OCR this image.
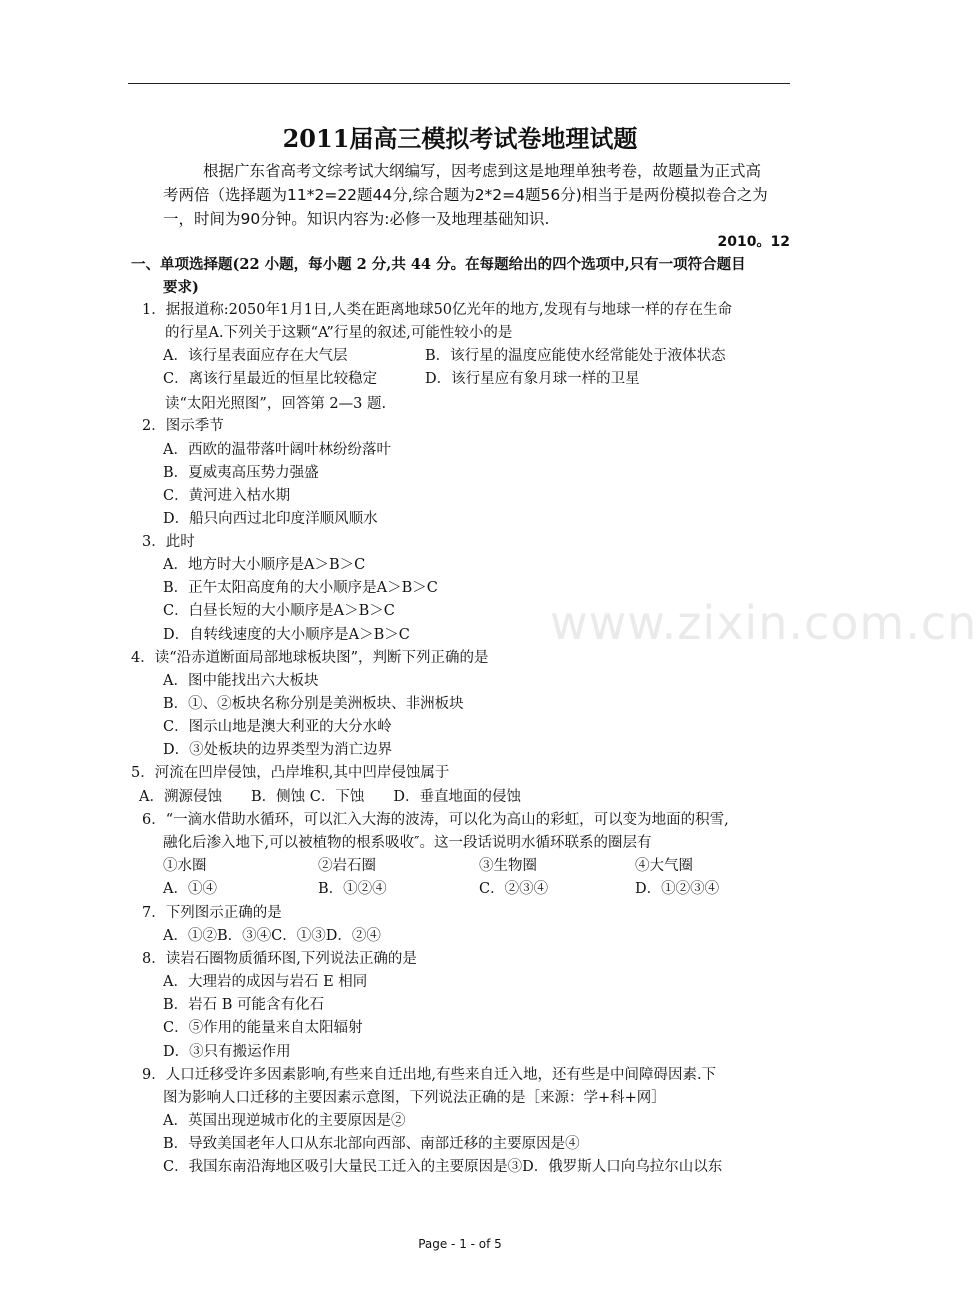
2011届高三模拟考试卷地理试题
根据广东省高考文综考试大纲编写，因考虑到这是地理单独考卷，故题量为正式高
考两倍（选择题为11*2=22题44分,综合题为2*2=4题56分)相当于是两份模拟卷合之为
一，时间为90分钟。知识内容为:必修一及地理基础知识.
2010。12
一、单项选择题(22 小题，每小题 2 分,共 44 分。在每题给出的四个选项中,只有一项符合题目
要求)
1．据报道称:2050年1月1日,人类在距离地球50亿光年的地方,发现有与地球一样的存在生命
的行星A.下列关于这颗“A”行星的叙述,可能性较小的是
A．该行星表面应存在大气层	B．该行星的温度应能使水经常能处于液体状态
C．离该行星最近的恒星比较稳定	D．该行星应有象月球一样的卫星
读“太阳光照图”，回答第 2—3 题.
2．图示季节
A．西欧的温带落叶阔叶林纷纷落叶
B．夏威夷高压势力强盛
C．黄河进入枯水期
D．船只向西过北印度洋顺风顺水
3．此时
A．地方时大小顺序是A＞B＞C
B．正午太阳高度角的大小顺序是A＞B＞C
C．白昼长短的大小顺序是A＞B＞C
D．自转线速度的大小顺序是A＞B＞C
4．读“沿赤道断面局部地球板块图”，判断下列正确的是
A．图中能找出六大板块
B．①、②板块名称分别是美洲板块、非洲板块
C．图示山地是澳大利亚的大分水岭
D．③处板块的边界类型为消亡边界
5．河流在凹岸侵蚀，凸岸堆积,其中凹岸侵蚀属于
A．溯源侵蚀　　B．侧蚀 C．下蚀　　D．垂直地面的侵蚀
6．“一滴水借助水循环，可以汇入大海的波涛，可以化为高山的彩虹，可以变为地面的积雪,
融化后渗入地下,可以被植物的根系吸收″。这一段话说明水循环联系的圈层有
①水圈	②岩石圈	③生物圈	④大气圈
A．①④	B．①②④	C．②③④	D．①②③④
7．下列图示正确的是
A．①②B．③④C．①③D．②④
8．读岩石圈物质循环图,下列说法正确的是
A．大理岩的成因与岩石 E 相同
B．岩石 B 可能含有化石
C．⑤作用的能量来自太阳辐射
D．③只有搬运作用
9．人口迁移受许多因素影响,有些来自迁出地,有些来自迁入地，还有些是中间障碍因素.下
图为影响人口迁移的主要因素示意图，下列说法正确的是［来源：学+科+网］
A．英国出现逆城市化的主要原因是②
B．导致美国老年人口从东北部向西部、南部迁移的主要原因是④
C．我国东南沿海地区吸引大量民工迁入的主要原因是③D．俄罗斯人口向乌拉尔山以东
www.zixin.com.cn
Page - 1 - of 5
